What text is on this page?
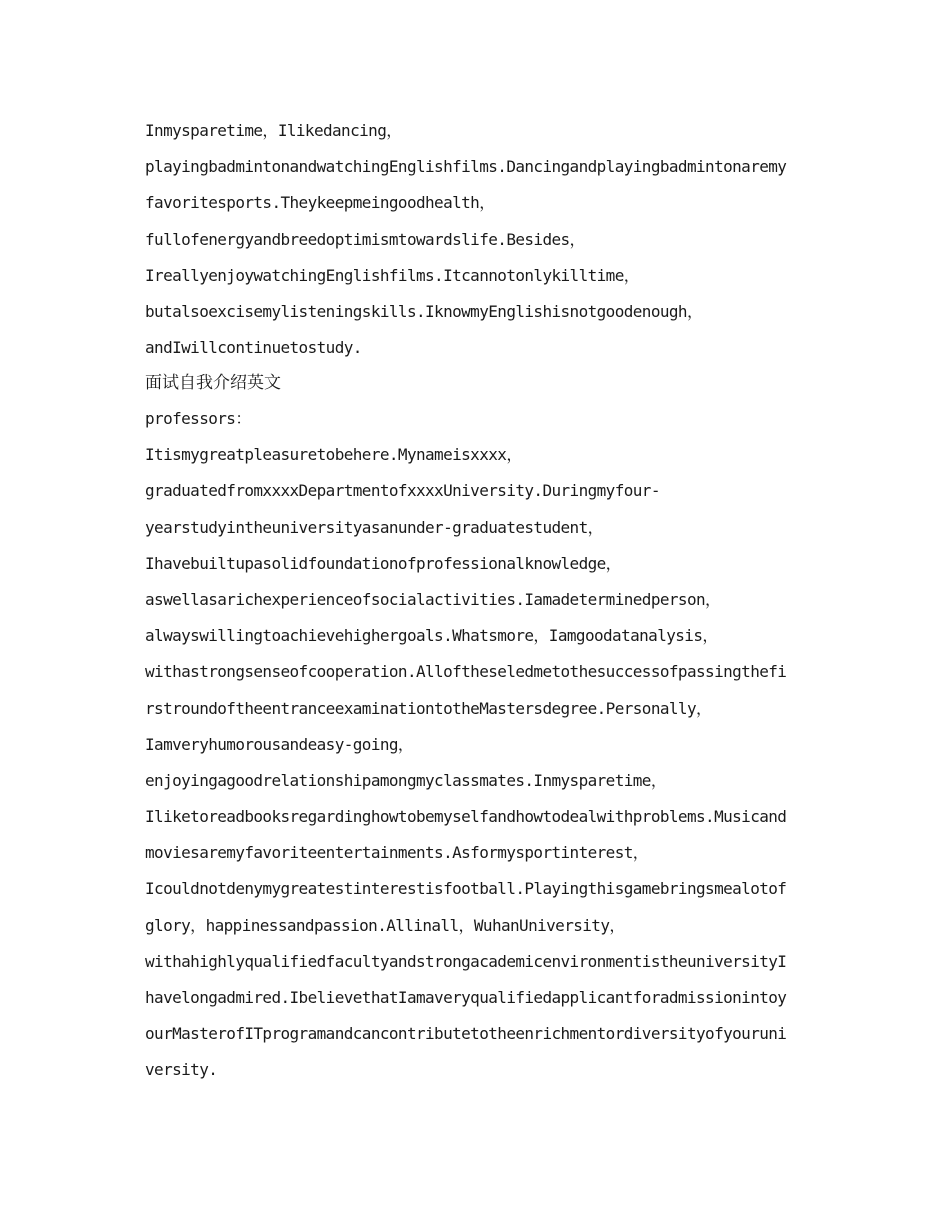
Inmysparetime，Ilikedancing，
playingbadmintonandwatchingEnglishfilms.Dancingandplayingbadmintonaremy
favoritesports.Theykeepmeingoodhealth，
fullofenergyandbreedoptimismtowardslife.Besides，
IreallyenjoywatchingEnglishfilms.Itcannotonlykilltime，
butalsoexcisemylisteningskills.IknowmyEnglishisnotgoodenough，
andIwillcontinuetostudy.
面试自我介绍英文
professors：
Itismygreatpleasuretobehere.Mynameisxxxx，
graduatedfromxxxxDepartmentofxxxxUniversity.Duringmyfour-
yearstudyintheuniversityasanunder-graduatestudent，
Ihavebuiltupasolidfoundationofprofessionalknowledge，
aswellasarichexperienceofsocialactivities.Iamadeterminedperson，
alwayswillingtoachievehighergoals.Whatsmore，Iamgoodatanalysis，
withastrongsenseofcooperation.Alloftheseledmetothesuccessofpassingthefi
rstroundoftheentranceexaminationtotheMastersdegree.Personally，
Iamveryhumorousandeasy-going，
enjoyingagoodrelationshipamongmyclassmates.Inmysparetime，
Iliketoreadbooksregardinghowtobemyselfandhowtodealwithproblems.Musicand
moviesaremyfavoriteentertainments.Asformysportinterest，
Icouldnotdenymygreatestinterestisfootball.Playingthisgamebringsmealotof
glory，happinessandpassion.Allinall，WuhanUniversity，
withahighlyqualifiedfacultyandstrongacademicenvironmentistheuniversityI
havelongadmired.IbelievethatIamaveryqualifiedapplicantforadmissionintoy
ourMasterofITprogramandcancontributetotheenrichmentordiversityofyouruni
versity.
